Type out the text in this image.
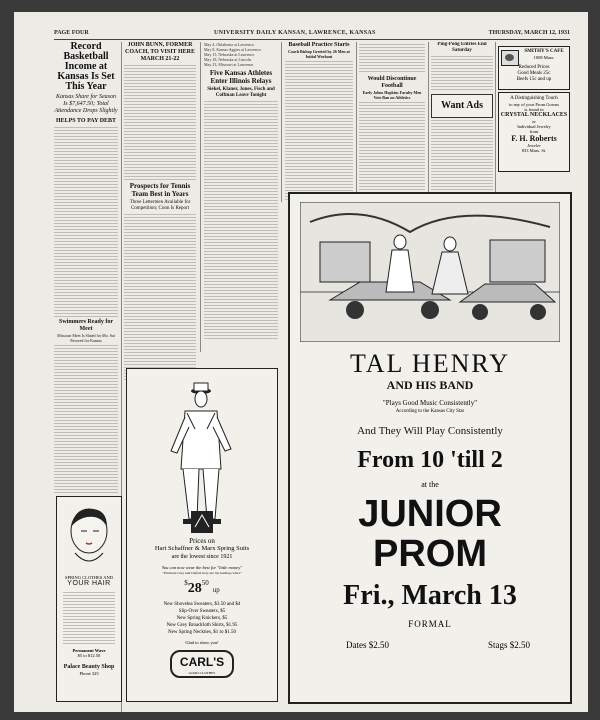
PAGE FOUR	UNIVERSITY DAILY KANSAN, LAWRENCE, KANSAS	THURSDAY, MARCH 12, 1931
Record Basketball Income at Kansas Is Set This Year
Kansas Share for Season Is $7,647.50; Total Attendance Drops Slightly
HELPS TO PAY DEBT
Swimmers Ready for Meet
Missouri Meet Is Slated for Mo. Sat Favored for Kansas
JOHN BUNN, FORMER COACH, TO VISIT HERE MARCH 21-22
Prospects for Tennis Team Best in Years
Three Lettermen Available for Competition; Conn Is Report
May 4, Oklahoma at Lawrence.
May 8, Kansas Aggies at Lawrence.
May 15, Nebraska at Lawrence.
May 18, Nebraska at Lincoln.
May 23, Missouri at Lawrence.
Five Kansas Athletes Enter Illinois Relays
Siekel, Klaner, Jones, Fisch and Coffman Leave Tonight
Baseball Practice Starts
Coach Bishop Greeted by 26 Men at Initial Workout
Would Discontinue Football
Early Johns Hopkins Faculty Men Vote Ban on Athletics
Ping-Pong Entries End Saturday
Want Ads
SMITHY'S CAFE
1008 Mass.
Reduced Prices
Good Meals 25c
Beefs 15c and up
A Distinguishing Touch
to any of your Prom Gowns
is found in
CRYSTAL NECKLACES
or
Individual Jewelry
from
F. H. Roberts
Jeweler
833 Mass. St.
SPRING CLOTHES AND
YOUR HAIR
Permanent Wave
$5 to $12.50
Palace Beauty Shop
Phone 325
Prices on
Hart Schaffner & Marx Spring Suits
are the lowest since 1921
You can now wear the best for "little money"
"Premium Grey and Oxford Grey are the leading colors"
$^{\$}28^{50}$ up
New Shovelea Sweaters, $3.50 and $4
Slip-Over Sweaters, $5
New Spring Knickers, $5
New Grey Broadcloth Shirts, $1.95
New Spring Neckties, $1 to $1.50
Glad to show you!
CARL'S
GOOD CLOTHES
TAL HENRY
AND HIS BAND
"Plays Good Music Consistently"
According to the Kansas City Star
And They Will Play Consistently
From 10 'till 2
at the
JUNIOR
PROM
Fri., March 13
FORMAL
Dates $2.50	Stags $2.50
